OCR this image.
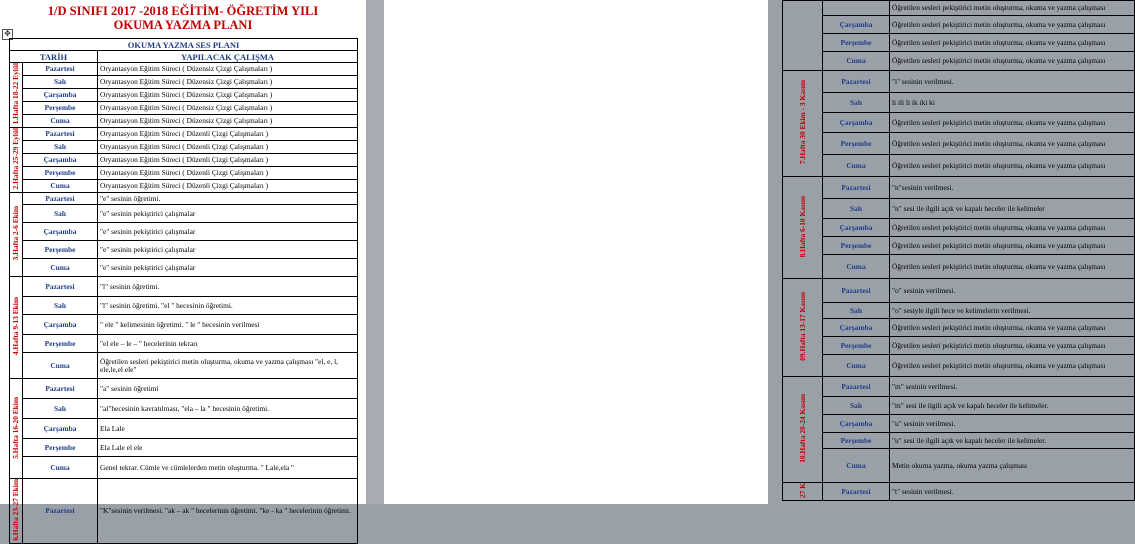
1/D SINIFI 2017 -2018 EĞİTİM- ÖĞRETİM YILI
OKUMA YAZMA PLANI
✥
OKUMA YAZMA SES PLANI		
TARİH		YAPILACAK ÇALIŞMA
1.Hafta 18-22 Eylül	Pazartesi	Oryantasyon Eğitim Süreci ( Düzensiz Çizgi Çalışmaları )
	Salı	Oryantasyon Eğitim Süreci ( Düzensiz Çizgi Çalışmaları )
	Çarşamba	Oryantasyon Eğitim Süreci ( Düzensiz Çizgi Çalışmaları )
	Perşembe	Oryantasyon Eğitim Süreci ( Düzensiz Çizgi Çalışmaları )
	Cuma	Oryantasyon Eğitim Süreci ( Düzensiz Çizgi Çalışmaları )
2.Hafta 25-29 Eylül	Pazartesi	Oryantasyon Eğitim Süreci ( Düzenli Çizgi Çalışmaları )
	Salı	Oryantasyon Eğitim Süreci ( Düzenli Çizgi Çalışmaları )
	Çarşamba	Oryantasyon Eğitim Süreci ( Düzenli Çizgi Çalışmaları )
	Perşembe	Oryantasyon Eğitim Süreci ( Düzenli Çizgi Çalışmaları )
	Cuma	Oryantasyon Eğitim Süreci ( Düzenli Çizgi Çalışmaları )
3.Hafta 2-6 Ekim	Pazartesi	"e" sesinin öğretimi.
	Salı	"e" sesinin pekiştirici çalışmalar
	Çarşamba	"e" sesinin pekiştirici çalışmalar
	Perşembe	"e" sesinin pekiştirici çalışmalar
	Cuma	"e" sesinin pekiştirici çalışmalar
4.Hafta 9-13 Ekim	Pazartesi	"l" sesinin öğretimi.
	Salı	"l" sesinin öğretimi. "el " hecesinin öğretimi.
	Çarşamba	" ele " kelimesinin öğretimi. " le " hecesinin verilmesi
	Perşembe	"el ele – le – " hecelerinin tekrarı
	Cuma	Öğretilen sesleri pekiştirici metin oluşturma, okuma ve yazma çalışması "el, e, l, ele,le,el ele"
5.Hafta 16-20 Ekim	Pazartesi	"a" sesinin öğretimi
	Salı	"al"hecesinin kavratılması, "ela – la " hecesinin öğretimi.
	Çarşamba	Ela Lale
	Perşembe	Ela Lale el ele
	Cuma	Genel tekrar. Cümle ve cümlelerden metin oluşturma. " Lale,ela "
6.Hafta 23-27 Ekim	Pazartesi	"K"sesinin verilmesi. "ak – ak " hecelerinin öğretimi. "ke - ka " hecelerinin öğretimi.
		Öğretilen sesleri pekiştirici metin oluşturma, okuma ve yazma çalışması
	Çarşamba	Öğretilen sesleri pekiştirici metin oluşturma, okuma ve yazma çalışması
	Perşembe	Öğretilen sesleri pekiştirici metin oluşturma, okuma ve yazma çalışması
	Cuma	Öğretilen sesleri pekiştirici metin oluşturma, okuma ve yazma çalışması
7.Hafta 30 Ekim - 3 Kasım	Pazartesi	"i" sesinin verilmesi.
	Salı	li ili li ik iki ki
	Çarşamba	Öğretilen sesleri pekiştirici metin oluşturma, okuma ve yazma çalışması
	Perşembe	Öğretilen sesleri pekiştirici metin oluşturma, okuma ve yazma çalışması
	Cuma	Öğretilen sesleri pekiştirici metin oluşturma, okuma ve yazma çalışması
8.Hafta 6-10 Kasım	Pazartesi	"n"sesinin verilmesi.
	Salı	"n" sesi ile ilgili açık ve kapalı heceler ile kelimeler
	Çarşamba	Öğretilen sesleri pekiştirici metin oluşturma, okuma ve yazma çalışması
	Perşembe	Öğretilen sesleri pekiştirici metin oluşturma, okuma ve yazma çalışması
	Cuma	Öğretilen sesleri pekiştirici metin oluşturma, okuma ve yazma çalışması
09.Hafta 13-17 Kasım	Pazartesi	"o" sesinin verilmesi.
	Salı	"o" sesiyle ilgili hece ve kelimelerin verilmesi.
	Çarşamba	Öğretilen sesleri pekiştirici metin oluşturma, okuma ve yazma çalışması
	Perşembe	Öğretilen sesleri pekiştirici metin oluşturma, okuma ve yazma çalışması
	Cuma	Öğretilen sesleri pekiştirici metin oluşturma, okuma ve yazma çalışması
10.Hafta 20-24 Kasım	Pazartesi	"m" sesinin verilmesi.
	Salı	"m" sesi ile ilgili açık ve kapalı heceler ile kelimeler.
	Çarşamba	"u" sesinin verilmesi.
	Perşembe	"u" sesi ile ilgili açık ve kapalı heceler ile kelimeler.
	Cuma	Metin okuma yazma, okuma yazma çalışması
27 K	Pazartesi	"t" sesinin verilmesi.
